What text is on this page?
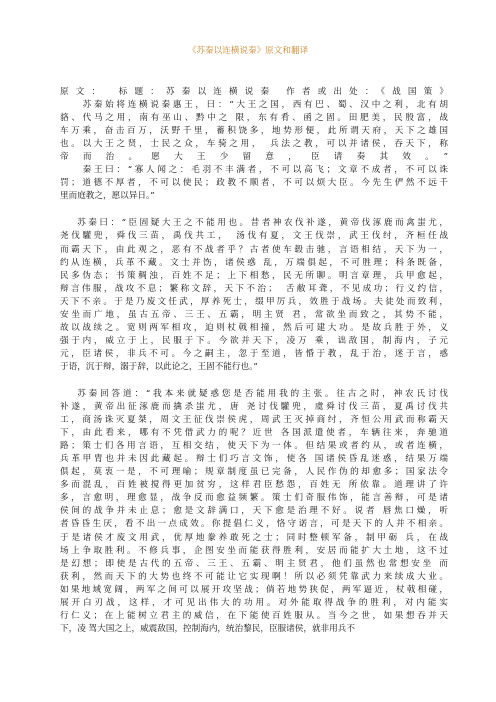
《苏秦以连横说秦》原文和翻译
原文：　标题：苏秦以连横说秦 作者或出处：《战国策》
　　苏秦始将连横说秦惠王，曰：“大王之国，西有巴、蜀、汉中之利，北有胡
貉、代马之用，南有巫山、黔中之 限，东有肴、函之固。田肥美，民殷富，战
车万乘，奋击百万，沃野千里，蓄积饶多，地势形便，此所谓天府，天下之雄国
也。以大王之贤，士民之众，车骑之用，　兵法之教，可以并诸侯，吞天下，称
帝而治。愿大王少留意，臣请奏其效。”
　　秦王曰：“寡人闻之：毛羽不丰满者，不可以高飞；文章不成者，不可以诛
罚；道德不厚者，不可以使民；政教不顺者，不可以烦大臣。今先生俨然不远千
里而庭教之，愿以异日。”
苏秦曰：“臣固疑大王之不能用也。昔者神农伐补遂，黄帝伐涿鹿而禽蚩尤，
尧伐驩兜，舜伐三苗，禹伐共工，　汤伐有夏，文王伐崇，武王伐纣，齐桓任战
而霸天下，由此观之，恶有不战者乎？古者使车毂击驰，言语相结，天下为一，
约从连横，兵革不藏。文士并饬，诸侯惑 乱，万端俱起，不可胜理；科条既备，
民多伪态；书策稠浊，百姓不足；上下相愁，民无所聊。明言章理，兵甲愈起，
辩言伟服，战攻不息；繁称文辞，天下不治；　舌敝耳聋，不见成功；行义约信，
天下不亲。于是乃废文任武，厚养死士，缀甲厉兵，效胜于战场。夫徒处而致利，
安坐而广地，虽古五帝、三王、五霸，明主贤 君，常欲坐而致之，其势不能，
故以战续之。宽则两军相攻，迫则杖戟相撞，然后可建大功。是故兵胜于外，义
强于内，威立于上，民服于下。今欲并天下，凌万 乘，诎敌国，制海内，子元
元，臣诸侯，非兵不可。今之嗣主，忽于至道，皆惛于教，乱于治，迷于言，惑
于语，沉于辩，溺于辞，以此论之，王固不能行也。”
苏秦回答道：“我本来就疑惑您是否能用我的主张。往古之时，神农氏讨伐
补遂，黄帝出征涿鹿而擒杀蚩尤，唐 尧讨伐驩兜，虞舜讨伐三苗，夏禹讨伐共
工，商汤诛灭夏桀，周文王征伐崇侯虎，周武王灭掉商纣，齐恒公用武而称霸天
下，由此看来，哪有不凭借武力的呢？近世 各国派遣使者，车辆往来，奔驰道
路；策士们各用言语，互相交结，使天下为一体。但结果或者约从，或者连横，
兵革甲胄也并未因此藏起。辩士们巧言文饰，使各 国诸侯昏乱迷惑，结果万端
俱起，莫衷一是，不可理喻；规章制度虽已完备，人民作伪的却愈多；国家法令
多而混乱，百姓被搅得更加贫穷，这样君臣愁怨，百姓无 所依靠。道理讲了许
多，言愈明，理愈显，战争反而愈益频繁。策士们奇服伟饰，能言善辩，可是诸
侯间的战争并未止息；愈是文辞满口，天下愈是治理不好。说者 唇焦口燥，听
者昏昏生厌，看不出一点成效。你提倡仁义，恪守诺言，可是天下的人并不相亲。
于是诸侯才废文用武，优厚地豢养敢死之士；同时整顿军备，制甲砺 兵，在战
场上争取胜利。不修兵事，企图安坐而能获得胜利，安居而能扩大土地，这不过
是幻想；即使是古代的五帝、三王、五霸、明主贤君，他们虽然也常想安坐 而
获利，然而天下的大势也终不可能让它实现啊！所以必须凭靠武力来续成大业。
如果地域宽阔，两军之间可以展开攻坚战；倘若地势狭促，两军逼近，杖戟相碰，
展开白刃战，这样，才可见出伟大的功用。对外能取得战争的胜利，对内能实
行仁义；在上能树立君主的威信，在下能使百姓服从。当今之世，如果想吞并天
下，凌 驾大国之上，威震敌国，控制海内，统治黎民，臣服诸侯，就非用兵不
